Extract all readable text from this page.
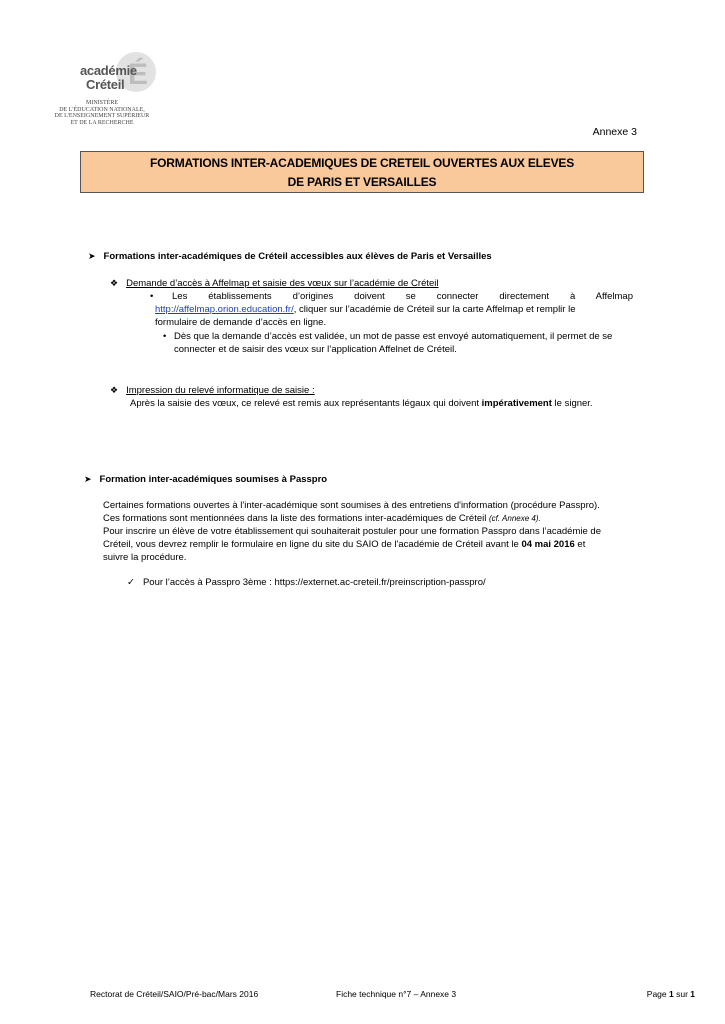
É
académie
Créteil
MINISTÈRE
DE L'ÉDUCATION NATIONALE,
DE L'ENSEIGNEMENT SUPÉRIEUR
ET DE LA RECHERCHE
Annexe 3
FORMATIONS INTER-ACADEMIQUES DE CRETEIL OUVERTES AUX ELEVES
DE PARIS ET VERSAILLES
➤ Formations inter-académiques de Créteil accessibles aux élèves de Paris et Versailles
❖ Demande d’accès à Affelmap et saisie des vœux sur l’académie de Créteil
• Les établissements d’origines doivent se connecter directement à Affelmap
http://affelmap.orion.education.fr/, cliquer sur l’académie de Créteil sur la carte Affelmap et remplir le
formulaire de demande d’accès en ligne.
• Dès que la demande d’accès est validée, un mot de passe est envoyé automatiquement, il permet de se
connecter et de saisir des vœux sur l’application Affelnet de Créteil.
❖ Impression du relevé informatique de saisie :
Après la saisie des vœux, ce relevé est remis aux représentants légaux qui doivent impérativement le signer.
➤ Formation inter-académiques soumises à Passpro
Certaines formations ouvertes à l'inter-académique sont soumises à des entretiens d'information (procédure Passpro).
Ces formations sont mentionnées dans la liste des formations inter-académiques de Créteil (cf. Annexe 4).
Pour inscrire un élève de votre établissement qui souhaiterait postuler pour une formation Passpro dans l’académie de
Créteil, vous devrez remplir le formulaire en ligne du site du SAIO de l'académie de Créteil avant le 04 mai 2016 et
suivre la procédure.
✓ Pour l’accès à Passpro 3ème : https://externet.ac-creteil.fr/preinscription-passpro/
Rectorat de Créteil/SAIO/Pré-bac/Mars 2016	Fiche technique n°7 – Annexe 3	Page 1 sur 1
